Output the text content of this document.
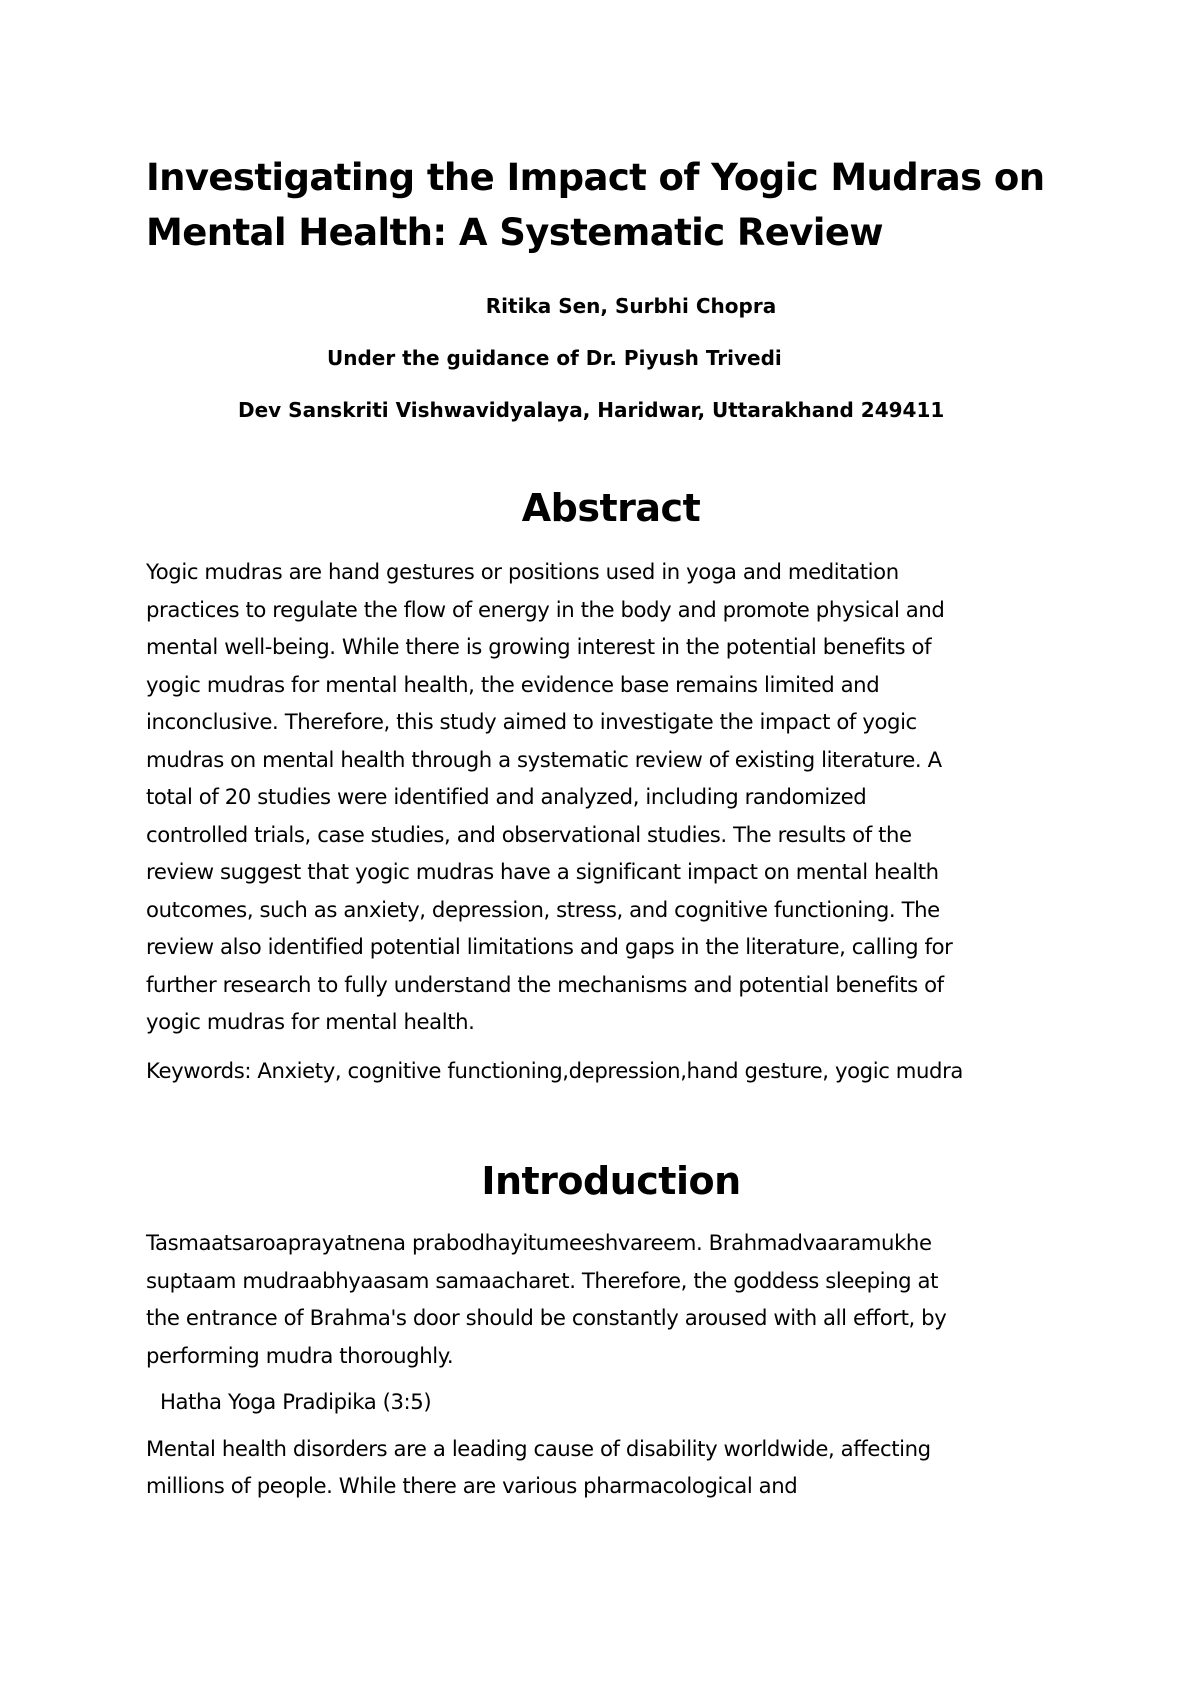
Investigating the Impact of Yogic Mudras on
Mental Health: A Systematic Review

Ritika Sen, Surbhi Chopra

Under the guidance of Dr. Piyush Trivedi

Dev Sanskriti Vishwavidyalaya, Haridwar, Uttarakhand 249411

Abstract

Yogic mudras are hand gestures or positions used in yoga and meditation
practices to regulate the flow of energy in the body and promote physical and
mental well-being. While there is growing interest in the potential benefits of
yogic mudras for mental health, the evidence base remains limited and
inconclusive. Therefore, this study aimed to investigate the impact of yogic
mudras on mental health through a systematic review of existing literature. A
total of 20 studies were identified and analyzed, including randomized
controlled trials, case studies, and observational studies. The results of the
review suggest that yogic mudras have a significant impact on mental health
outcomes, such as anxiety, depression, stress, and cognitive functioning. The
review also identified potential limitations and gaps in the literature, calling for
further research to fully understand the mechanisms and potential benefits of
yogic mudras for mental health.

Keywords: Anxiety, cognitive functioning,depression,hand gesture, yogic mudra

Introduction

Tasmaatsaroaprayatnena prabodhayitumeeshvareem. Brahmadvaaramukhe
suptaam mudraabhyaasam samaacharet. Therefore, the goddess sleeping at
the entrance of Brahma's door should be constantly aroused with all effort, by
performing mudra thoroughly.

Hatha Yoga Pradipika (3:5)

Mental health disorders are a leading cause of disability worldwide, affecting
millions of people. While there are various pharmacological and
